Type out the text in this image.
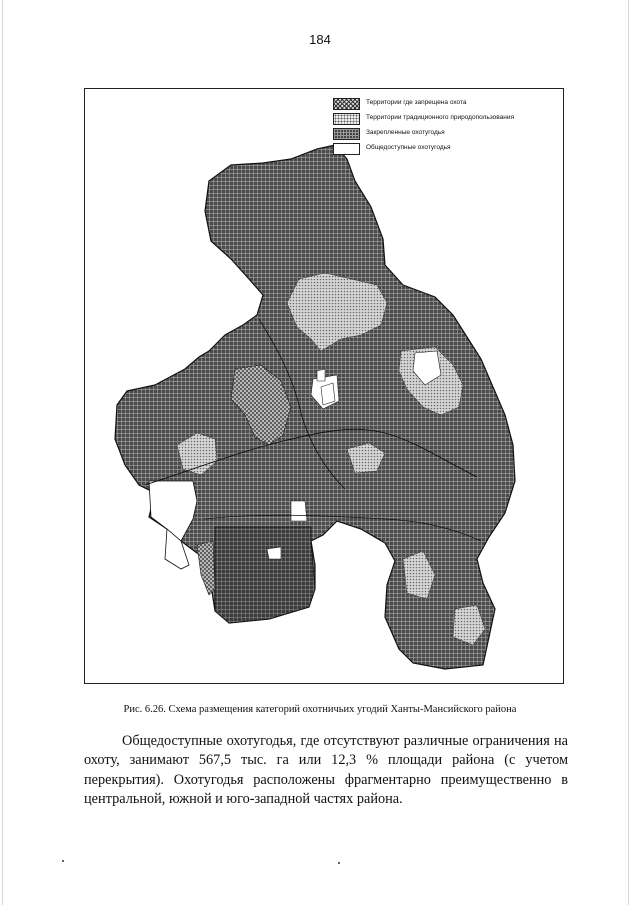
184
Территории где запрещена охота
Территории традиционного природопользования
Закрепленные охотугодья
Общедоступные охотугодья
Рис. 6.26. Схема размещения категорий охотничьих угодий Ханты-Мансийского района

Общедоступные охотугодья, где отсутствуют различные ограничения на охоту, занимают 567,5 тыс. га или 12,3 % площади района (с учетом перекрытия). Охотугодья расположены фрагментарно преимущественно в центральной, южной и юго-западной частях района.
